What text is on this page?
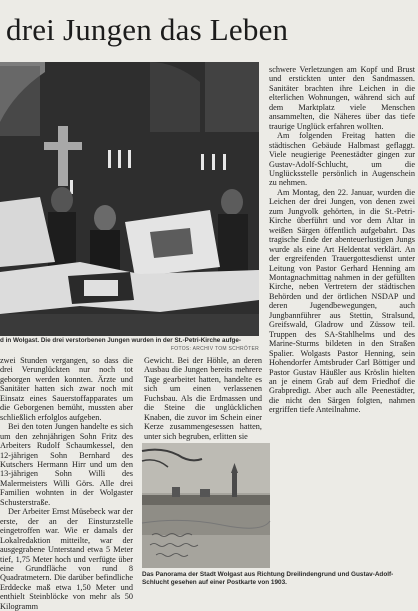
drei Jungen das Leben
d in Wolgast. Die drei verstorbenen Jungen wurden in der St.-Petri-Kirche aufge-
FOTOS: ARCHIV TOM SCHRÖTER

schwere Verletzungen am Kopf und Brust und erstickten unter den Sandmassen. Sanitäter brachten ihre Leichen in die elterlichen Wohnungen, während sich auf dem Marktplatz viele Menschen ansammelten, die Näheres über das tiefe traurige Unglück erfahren wollten.

Am folgenden Freitag hatten die städtischen Gebäude Halbmast geflaggt. Viele neugierige Peenestädter gingen zur Gustav-Adolf-Schlucht, um die Unglücksstelle persönlich in Augenschein zu nehmen.

Am Montag, den 22. Januar, wurden die Leichen der drei Jungen, von denen zwei zum Jungvolk gehörten, in die St.-Petri-Kirche überführt und vor dem Altar in weißen Särgen öffentlich aufgebahrt. Das tragische Ende der abenteuerlustigen Jungs wurde als eine Art Heldentat verklärt. An der ergreifenden Trauergottesdienst unter Leitung von Pastor Gerhard Henning am Montagnachmittag nahmen in der gefüllten Kirche, neben Vertretern der städtischen Behörden und der örtlichen NSDAP und deren Jugendbewegungen, auch Jungbannführer aus Stettin, Stralsund, Greifswald, Gladrow und Züssow teil. Truppen des SA-Stahlhelms und des Marine-Sturms bildeten in den Straßen Spalier. Wolgasts Pastor Henning, sein Hohendorfer Amtsbruder Carl Böttiger und Pastor Gustav Häußler aus Kröslin hielten an je einem Grab auf dem Friedhof die Grabpredigt. Aber auch alle Peenestädter, die nicht den Särgen folgten, nahmen ergriffen tiefe Anteilnahme.

zwei Stunden vergangen, so dass die drei Verunglückten nur noch tot geborgen werden konnten. Ärzte und Sanitäter hatten sich zwar noch mit Einsatz eines Sauerstoffapparates um die Geborgenen bemüht, mussten aber schließlich erfolglos aufgeben.

Bei den toten Jungen handelte es sich um den zehnjährigen Sohn Fritz des Arbeiters Rudolf Schaumkessel, den 12-jährigen Sohn Bernhard des Kutschers Hermann Hirr und um den 13-jährigen Sohn Willi des Malermeisters Willi Görs. Alle drei Familien wohnten in der Wolgaster Schusterstraße.

Der Arbeiter Ernst Müsebeck war der erste, der an der Einsturzstelle eingetroffen war. Wie er damals der Lokalredaktion mitteilte, war der ausgegrabene Unterstand etwa 5 Meter tief, 1,75 Meter hoch und verfügte über eine Grundfläche von rund 8 Quadratmetern. Die darüber befindliche Erddecke maß etwa 1,50 Meter und enthielt Steinblöcke von mehr als 50 Kilogramm

Gewicht. Bei der Höhle, an deren Ausbau die Jungen bereits mehrere Tage gearbeitet hatten, handelte es sich um einen verlassenen Fuchsbau. Als die Erdmassen und die Steine die unglücklichen Knaben, die zuvor im Schein einer Kerze zusammengesessen hatten, unter sich begruben, erlitten sie

Das Panorama der Stadt Wolgast aus Richtung Dreilindengrund und Gustav-Adolf-Schlucht gesehen auf einer Postkarte von 1903.
